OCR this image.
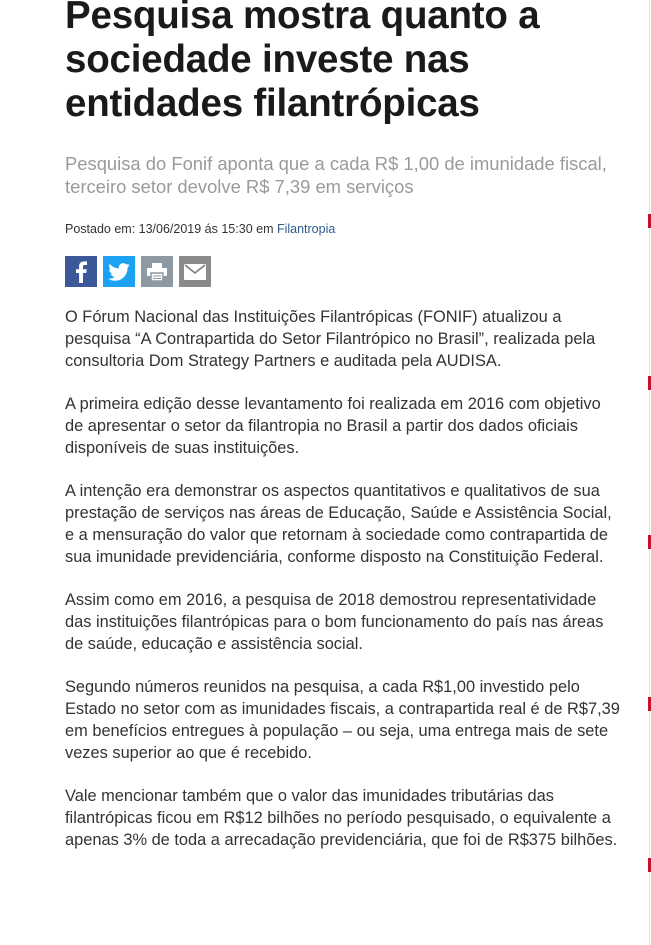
Pesquisa mostra quanto a sociedade investe nas entidades filantrópicas

Pesquisa do Fonif aponta que a cada R$ 1,00 de imunidade fiscal, terceiro setor devolve R$ 7,39 em serviços

Postado em: 13/06/2019 ás 15:30 em Filantropia

O Fórum Nacional das Instituições Filantrópicas (FONIF) atualizou a pesquisa “A Contrapartida do Setor Filantrópico no Brasil”, realizada pela consultoria Dom Strategy Partners e auditada pela AUDISA.

A primeira edição desse levantamento foi realizada em 2016 com objetivo de apresentar o setor da filantropia no Brasil a partir dos dados oficiais disponíveis de suas instituições.

A intenção era demonstrar os aspectos quantitativos e qualitativos de sua prestação de serviços nas áreas de Educação, Saúde e Assistência Social, e a mensuração do valor que retornam à sociedade como contrapartida de sua imunidade previdenciária, conforme disposto na Constituição Federal.

Assim como em 2016, a pesquisa de 2018 demostrou representatividade das instituições filantrópicas para o bom funcionamento do país nas áreas de saúde, educação e assistência social.

Segundo números reunidos na pesquisa, a cada R$1,00 investido pelo Estado no setor com as imunidades fiscais, a contrapartida real é de R$7,39 em benefícios entregues à população – ou seja, uma entrega mais de sete vezes superior ao que é recebido.

Vale mencionar também que o valor das imunidades tributárias das filantrópicas ficou em R$12 bilhões no período pesquisado, o equivalente a apenas 3% de toda a arrecadação previdenciária, que foi de R$375 bilhões.
